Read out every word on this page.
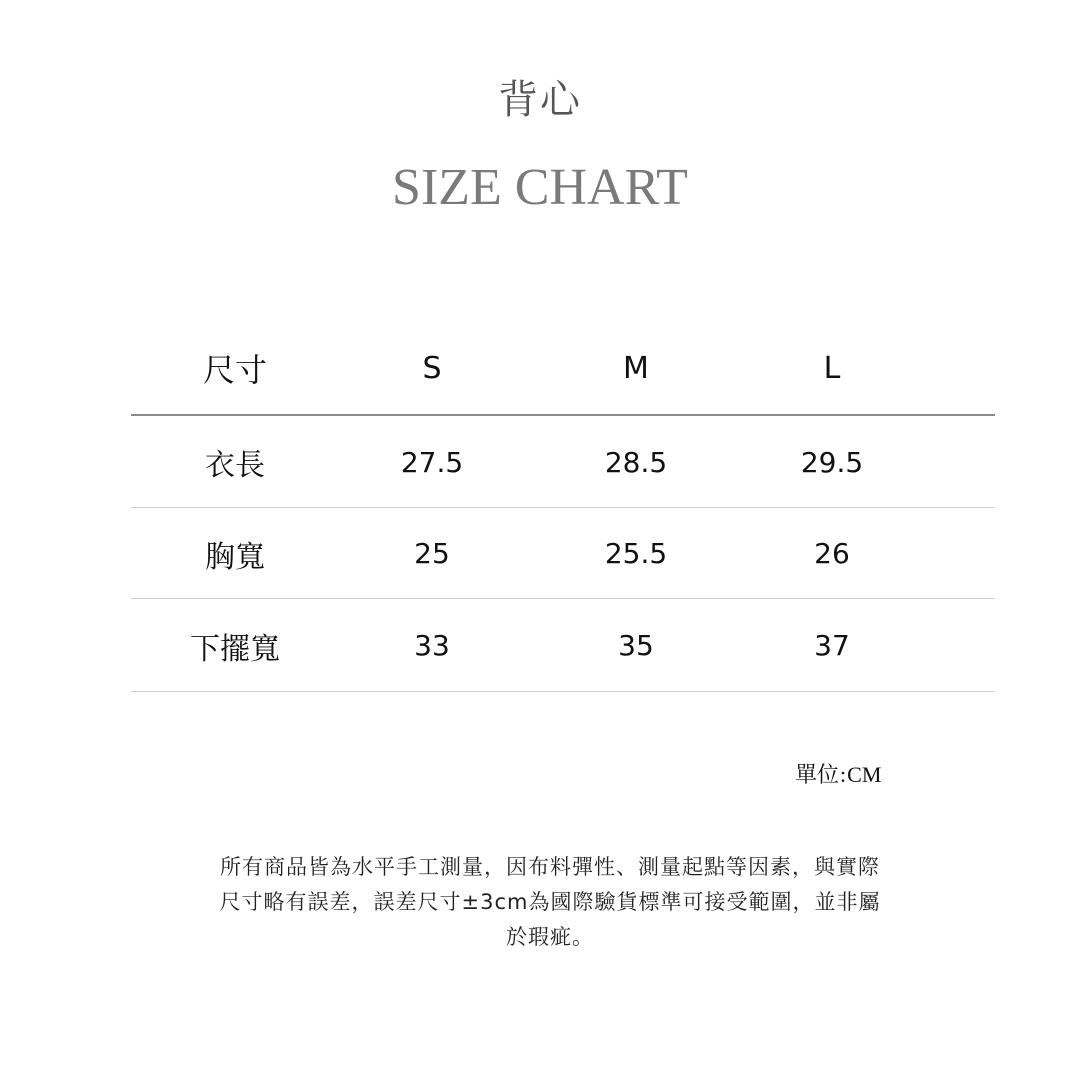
背心
SIZE CHART
尺寸	S	M	L
衣長	27.5	28.5	29.5
胸寬	25	25.5	26
下擺寬	33	35	37
單位:CM
所有商品皆為水平手工測量，因布料彈性、測量起點等因素，與實際
尺寸略有誤差，誤差尺寸±3cm為國際驗貨標準可接受範圍，並非屬
於瑕疵。
